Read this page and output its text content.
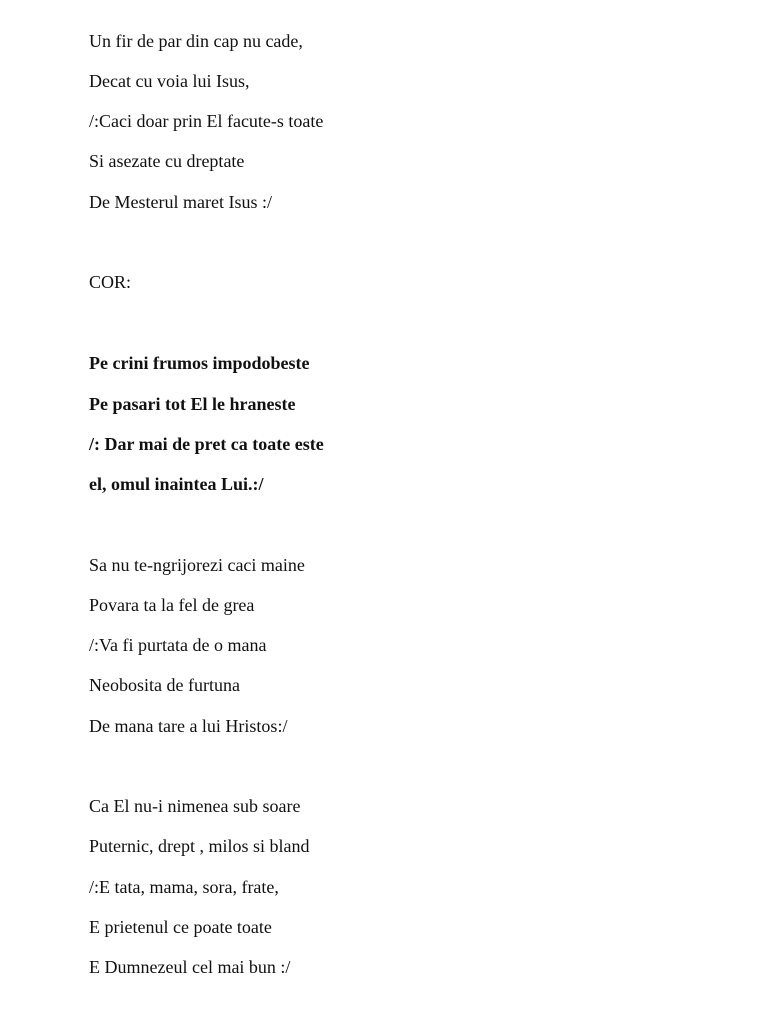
Un fir de par din cap nu cade,
Decat cu voia lui Isus,
/:Caci doar prin El facute-s toate
Si asezate cu dreptate
De Mesterul maret Isus :/
COR:
Pe crini frumos impodobeste
Pe pasari tot El le hraneste
/: Dar mai de pret ca toate este
el, omul inaintea Lui.:/
Sa nu te-ngrijorezi caci maine
Povara ta la fel de grea
/:Va fi purtata de o mana
Neobosita de furtuna
De mana tare a lui Hristos:/
Ca El nu-i nimenea sub soare
Puternic, drept , milos si bland
/:E tata, mama, sora, frate,
E prietenul ce poate toate
E Dumnezeul cel mai bun :/
